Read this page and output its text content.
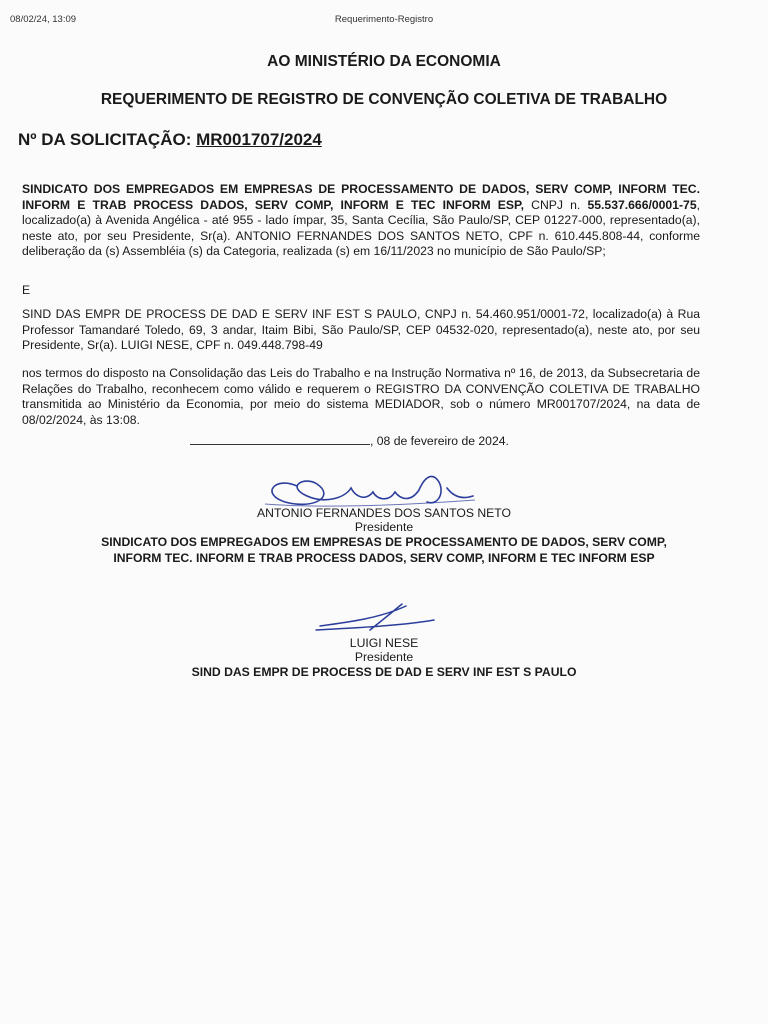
08/02/24, 13:09	Requerimento-Registro
AO MINISTÉRIO DA ECONOMIA
REQUERIMENTO DE REGISTRO DE CONVENÇÃO COLETIVA DE TRABALHO
Nº DA SOLICITAÇÃO: MR001707/2024
SINDICATO DOS EMPREGADOS EM EMPRESAS DE PROCESSAMENTO DE DADOS, SERV COMP, INFORM TEC. INFORM E TRAB PROCESS DADOS, SERV COMP, INFORM E TEC INFORM ESP, CNPJ n. 55.537.666/0001-75, localizado(a) à Avenida Angélica - até 955 - lado ímpar, 35, Santa Cecília, São Paulo/SP, CEP 01227-000, representado(a), neste ato, por seu Presidente, Sr(a). ANTONIO FERNANDES DOS SANTOS NETO, CPF n. 610.445.808-44, conforme deliberação da (s) Assembléia (s) da Categoria, realizada (s) em 16/11/2023 no município de São Paulo/SP;
E
SIND DAS EMPR DE PROCESS DE DAD E SERV INF EST S PAULO, CNPJ n. 54.460.951/0001-72, localizado(a) à Rua Professor Tamandaré Toledo, 69, 3 andar, Itaim Bibi, São Paulo/SP, CEP 04532-020, representado(a), neste ato, por seu Presidente, Sr(a). LUIGI NESE, CPF n. 049.448.798-49
nos termos do disposto na Consolidação das Leis do Trabalho e na Instrução Normativa nº 16, de 2013, da Subsecretaria de Relações do Trabalho, reconhecem como válido e requerem o REGISTRO DA CONVENÇÃO COLETIVA DE TRABALHO transmitida ao Ministério da Economia, por meio do sistema MEDIADOR, sob o número MR001707/2024, na data de 08/02/2024, às 13:08.
, 08 de fevereiro de 2024.
ANTONIO FERNANDES DOS SANTOS NETO
Presidente
SINDICATO DOS EMPREGADOS EM EMPRESAS DE PROCESSAMENTO DE DADOS, SERV COMP,
INFORM TEC. INFORM E TRAB PROCESS DADOS, SERV COMP, INFORM E TEC INFORM ESP
LUIGI NESE
Presidente
SIND DAS EMPR DE PROCESS DE DAD E SERV INF EST S PAULO
